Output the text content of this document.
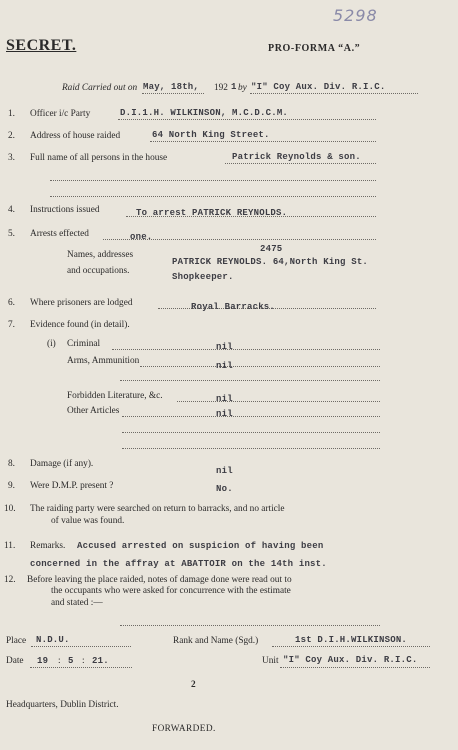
5298
SECRET.	PRO-FORMA “A.”
Raid Carried out on May, 18th, 192 1 by "I" Coy Aux. Div. R.I.C.
1. Officer i/c Party	D.I.1.H. WILKINSON, M.C.D.C.M.
2. Address of house raided	64 North King Street.
3. Full name of all persons in the house	Patrick Reynolds & son.
4. Instructions issued	To arrest PATRICK REYNOLDS.
5. Arrests effected	one.
Names, addresses
and occupations.
2475
PATRICK REYNOLDS. 64,North King St.
Shopkeeper.
6. Where prisoners are lodged	Royal Barracks.
7. Evidence found (in detail).
(i) Criminal	nil
Arms, Ammunition	nil
Forbidden Literature, &c.	nil
Other Articles	nil
8. Damage (if any).
nil
9. Were D.M.P. present ?	No.
10. The raiding party were searched on return to barracks, and no article
of value was found.
11. Remarks. Accused arrested on suspicion of having been
concerned in the affray at ABATTOIR on the 14th inst.
12. Before leaving the place raided, notes of damage done were read out to
the occupants who were asked for concurrence with the estimate
and stated :—
Place N.D.U.	Rank and Name (Sgd.)	1st D.I.H.WILKINSON.
Date 19 : 5 : 21.	Unit "I" Coy Aux. Div. R.I.C.
2
Headquarters, Dublin District.
FORWARDED.
